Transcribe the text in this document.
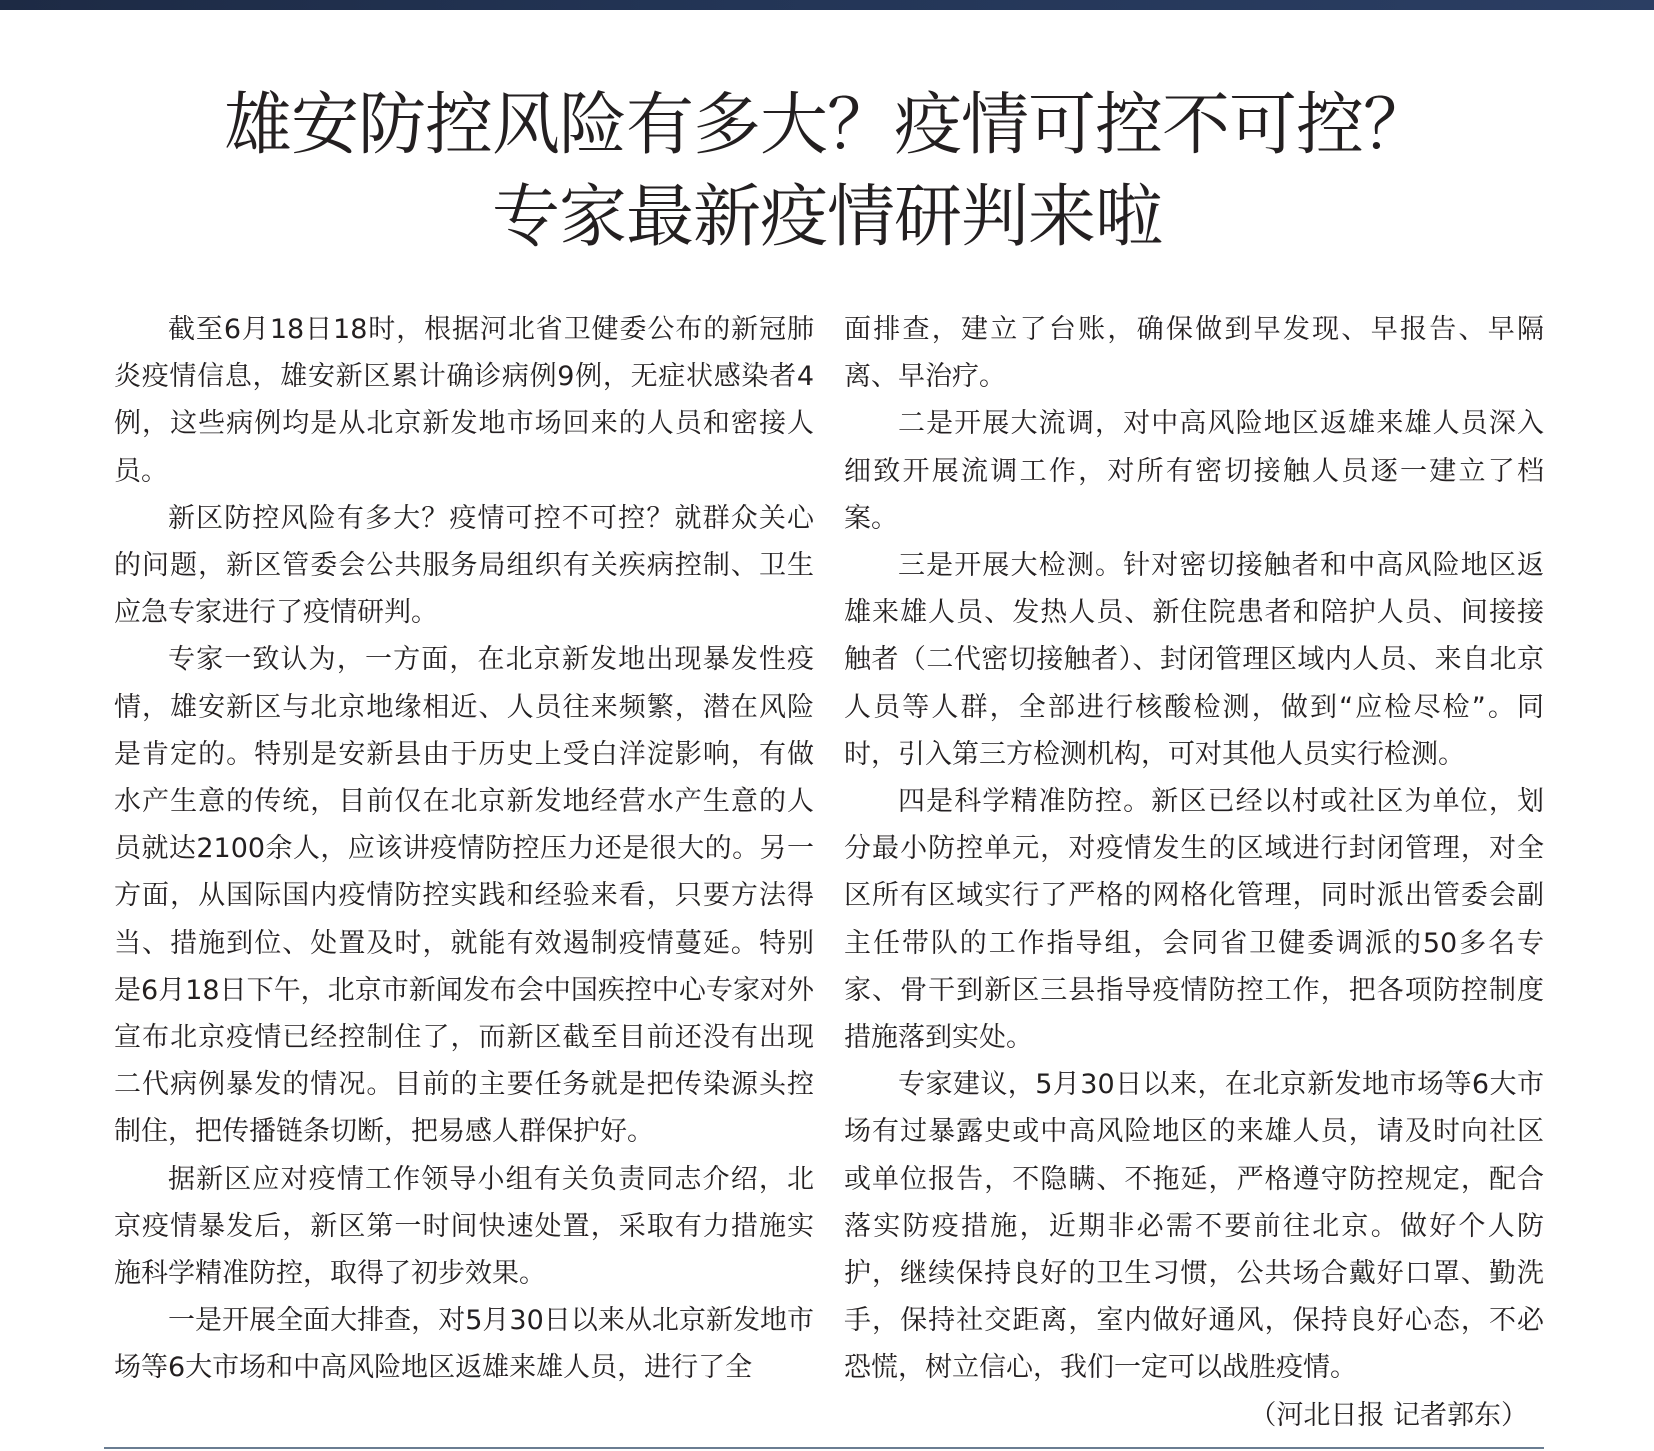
雄安防控风险有多大？疫情可控不可控？
专家最新疫情研判来啦

截至6月18日18时，根据河北省卫健委公布的新冠肺炎疫情信息，雄安新区累计确诊病例9例，无症状感染者4例，这些病例均是从北京新发地市场回来的人员和密接人员。

新区防控风险有多大？疫情可控不可控？就群众关心的问题，新区管委会公共服务局组织有关疾病控制、卫生应急专家进行了疫情研判。

专家一致认为，一方面，在北京新发地出现暴发性疫情，雄安新区与北京地缘相近、人员往来频繁，潜在风险是肯定的。特别是安新县由于历史上受白洋淀影响，有做水产生意的传统，目前仅在北京新发地经营水产生意的人员就达2100余人，应该讲疫情防控压力还是很大的。另一方面，从国际国内疫情防控实践和经验来看，只要方法得当、措施到位、处置及时，就能有效遏制疫情蔓延。特别是6月18日下午，北京市新闻发布会中国疾控中心专家对外宣布北京疫情已经控制住了，而新区截至目前还没有出现二代病例暴发的情况。目前的主要任务就是把传染源头控制住，把传播链条切断，把易感人群保护好。

据新区应对疫情工作领导小组有关负责同志介绍，北京疫情暴发后，新区第一时间快速处置，采取有力措施实施科学精准防控，取得了初步效果。

一是开展全面大排查，对5月30日以来从北京新发地市场等6大市场和中高风险地区返雄来雄人员，进行了全

面排查，建立了台账，确保做到早发现、早报告、早隔离、早治疗。

二是开展大流调，对中高风险地区返雄来雄人员深入细致开展流调工作，对所有密切接触人员逐一建立了档案。

三是开展大检测。针对密切接触者和中高风险地区返雄来雄人员、发热人员、新住院患者和陪护人员、间接接触者（二代密切接触者）、封闭管理区域内人员、来自北京人员等人群，全部进行核酸检测，做到“应检尽检”。同时，引入第三方检测机构，可对其他人员实行检测。

四是科学精准防控。新区已经以村或社区为单位，划分最小防控单元，对疫情发生的区域进行封闭管理，对全区所有区域实行了严格的网格化管理，同时派出管委会副主任带队的工作指导组，会同省卫健委调派的50多名专家、骨干到新区三县指导疫情防控工作，把各项防控制度措施落到实处。

专家建议，5月30日以来，在北京新发地市场等6大市场有过暴露史或中高风险地区的来雄人员，请及时向社区或单位报告，不隐瞒、不拖延，严格遵守防控规定，配合落实防疫措施，近期非必需不要前往北京。做好个人防护，继续保持良好的卫生习惯，公共场合戴好口罩、勤洗手，保持社交距离，室内做好通风，保持良好心态，不必恐慌，树立信心，我们一定可以战胜疫情。

（河北日报 记者郭东）
